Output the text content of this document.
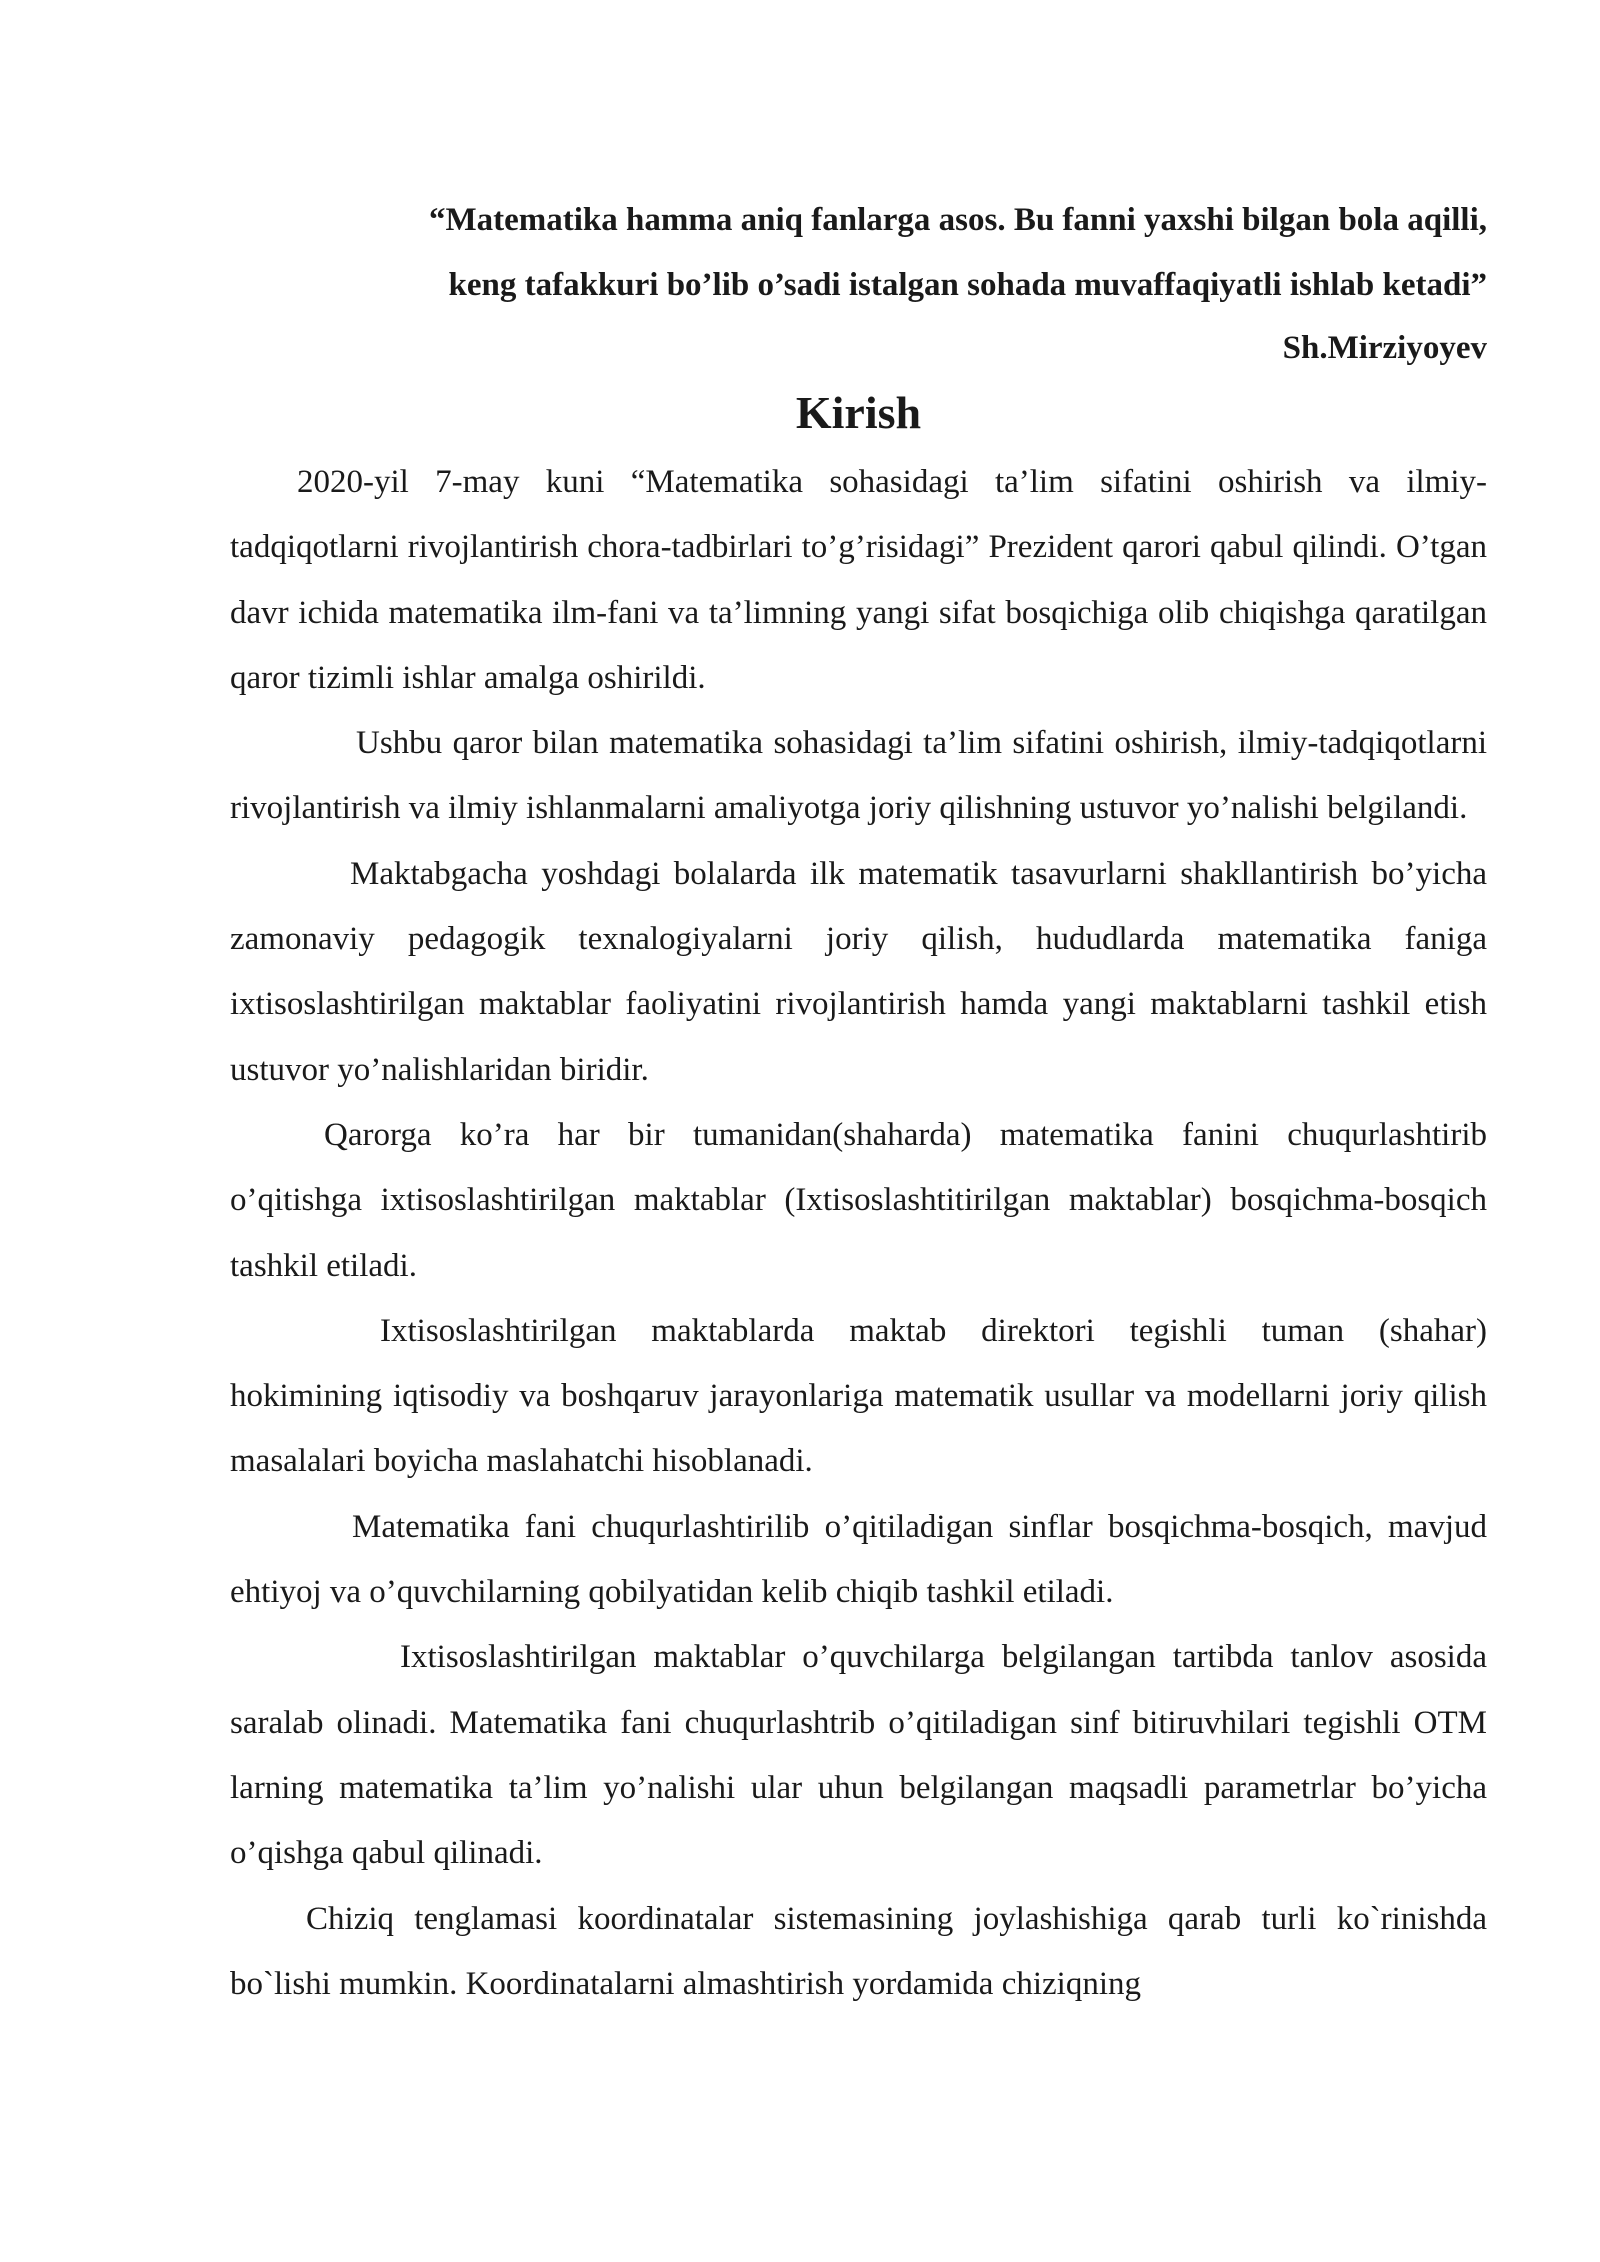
“Matematika hamma aniq fanlarga asos. Bu fanni yaxshi bilgan bola aqilli,
keng tafakkuri bo’lib o’sadi istalgan sohada muvaffaqiyatli ishlab ketadi”

Sh.Mirziyoyev

Kirish

2020-yil 7-may kuni “Matematika sohasidagi ta’lim sifatini oshirish va ilmiy-tadqiqotlarni rivojlantirish chora-tadbirlari to’g’risidagi” Prezident qarori qabul qilindi. O’tgan davr ichida matematika ilm-fani va ta’limning yangi sifat bosqichiga olib chiqishga qaratilgan qaror tizimli ishlar amalga oshirildi.

Ushbu qaror bilan matematika sohasidagi ta’lim sifatini oshirish, ilmiy-tadqiqotlarni rivojlantirish va ilmiy ishlanmalarni amaliyotga joriy qilishning ustuvor yo’nalishi belgilandi.

Maktabgacha yoshdagi bolalarda ilk matematik tasavurlarni shakllantirish bo’yicha zamonaviy pedagogik texnalogiyalarni joriy qilish, hududlarda matematika faniga ixtisoslashtirilgan maktablar faoliyatini rivojlantirish hamda yangi maktablarni tashkil etish ustuvor yo’nalishlaridan biridir.

Qarorga ko’ra har bir tumanidan(shaharda) matematika fanini chuqurlashtirib o’qitishga ixtisoslashtirilgan maktablar (Ixtisoslashtitirilgan maktablar) bosqichma-bosqich tashkil etiladi.

Ixtisoslashtirilgan maktablarda maktab direktori tegishli tuman (shahar) hokimining iqtisodiy va boshqaruv jarayonlariga matematik usullar va modellarni joriy qilish masalalari boyicha maslahatchi hisoblanadi.

Matematika fani chuqurlashtirilib o’qitiladigan sinflar bosqichma-bosqich, mavjud ehtiyoj va o’quvchilarning qobilyatidan kelib chiqib tashkil etiladi.

Ixtisoslashtirilgan maktablar o’quvchilarga belgilangan tartibda tanlov asosida saralab olinadi. Matematika fani chuqurlashtrib o’qitiladigan sinf bitiruvhilari tegishli OTM larning matematika ta’lim yo’nalishi ular uhun belgilangan maqsadli parametrlar bo’yicha o’qishga qabul qilinadi.

Chiziq tenglamasi koordinatalar sistemasining joylashishiga qarab turli ko`rinishda bo`lishi mumkin. Koordinatalarni almashtirish yordamida chiziqning
